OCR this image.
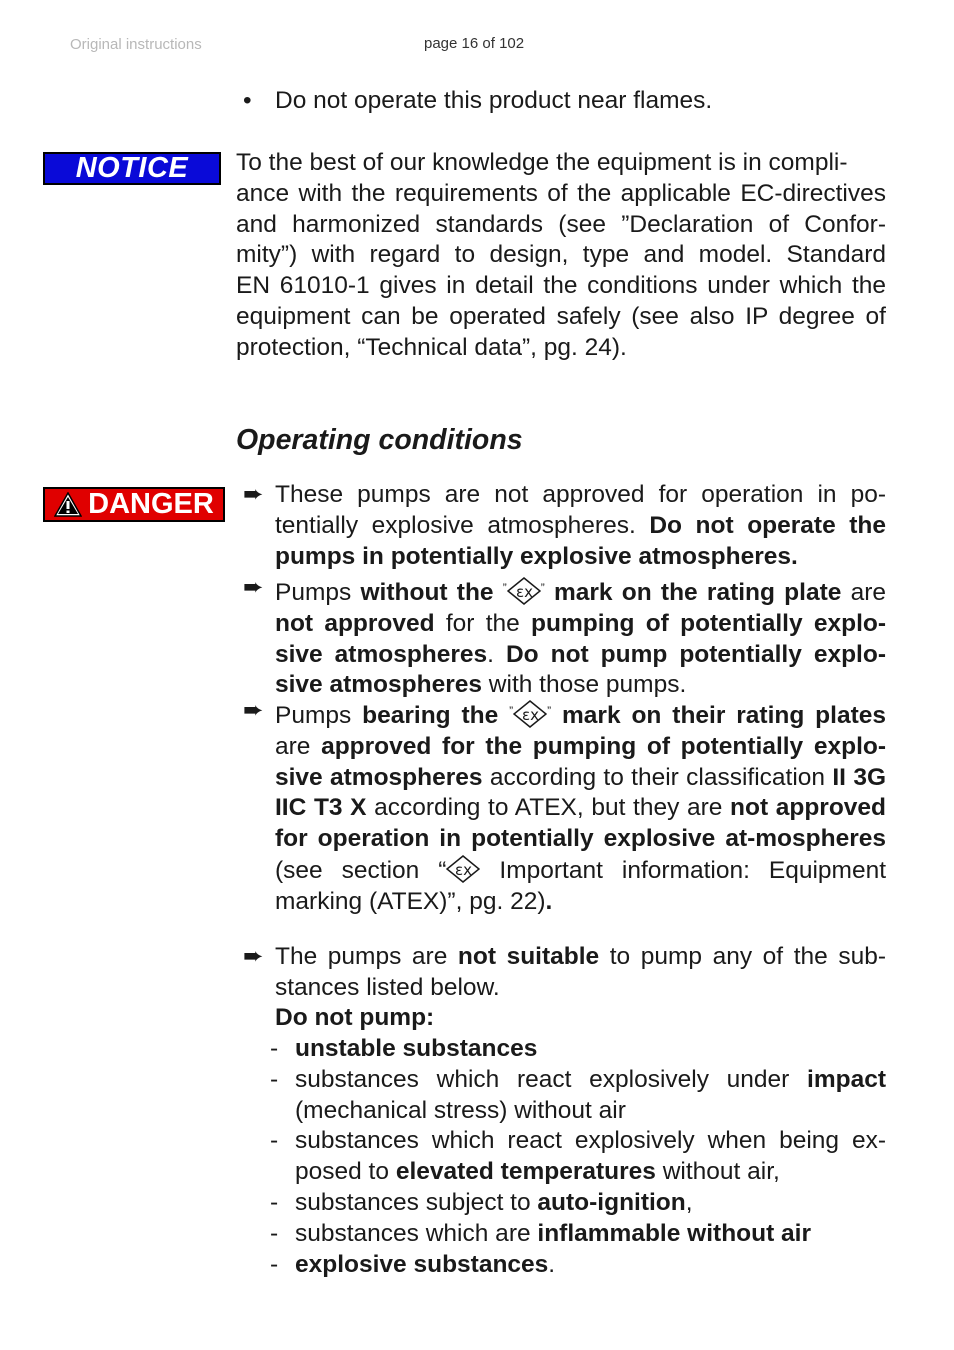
Original instructions	page 16 of 102
• Do not operate this product near flames.
NOTICE	To the best of our knowledge the equipment is in compli-
ance with the requirements of the applicable EC-directives
and harmonized standards (see ”Declaration of Confor-
mity”) with regard to design, type and model. Standard
EN 61010-1 gives in detail the conditions under which the
equipment can be operated safely (see also IP degree of
protection, “Technical data”, pg. 24).
Operating conditions
DANGER ➨ These pumps are not approved for operation in po-tentially explosive atmospheres. Do not operate the pumps in potentially explosive atmospheres.
➨ Pumps without the ” εx ” mark on the rating plate are not approved for the pumping of potentially explo-sive atmospheres. Do not pump potentially explo-sive atmospheres with those pumps.
➨ Pumps bearing the ” εx ” mark on their rating plates are approved for the pumping of potentially explo-sive atmospheres according to their classification II 3G IIC T3 X according to ATEX, but they are not approved for operation in potentially explosive at-mospheres (see section “ εx Important information: Equipment marking (ATEX)”, pg. 22).
➨ The pumps are not suitable to pump any of the sub-stances listed below.
Do not pump:
- unstable substances
- substances which react explosively under impact (mechanical stress) without air
- substances which react explosively when being ex-posed to elevated temperatures without air,
- substances subject to auto-ignition,
- substances which are inflammable without air
- explosive substances.
